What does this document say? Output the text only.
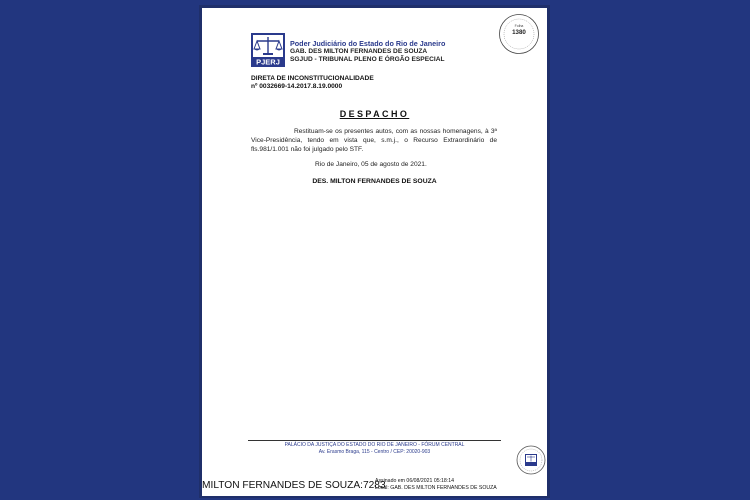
PJERJ
Poder Judiciário do Estado do Rio de Janeiro
GAB. DES MILTON FERNANDES DE SOUZA
SGJUD - TRIBUNAL PLENO E ÓRGÃO ESPECIAL
Folha
1380
DIRETA DE INCONSTITUCIONALIDADE
nº 0032669-14.2017.8.19.0000
DESPACHO
Restituam-se os presentes autos, com as nossas homenagens, à 3ª Vice-Presidência, tendo em vista que, s.m.j., o Recurso Extraordinário de fls.981/1.001 não foi julgado pelo STF.
Rio de Janeiro, 05 de agosto de 2021.
DES. MILTON FERNANDES DE SOUZA
PALÁCIO DA JUSTIÇA DO ESTADO DO RIO DE JANEIRO - FÓRUM CENTRAL
Av. Erasmo Braga, 115 - Centro / CEP: 20020-903
MILTON FERNANDES DE SOUZA:7283
Assinado em 06/08/2021 05:18:14
Local: GAB. DES MILTON FERNANDES DE SOUZA
